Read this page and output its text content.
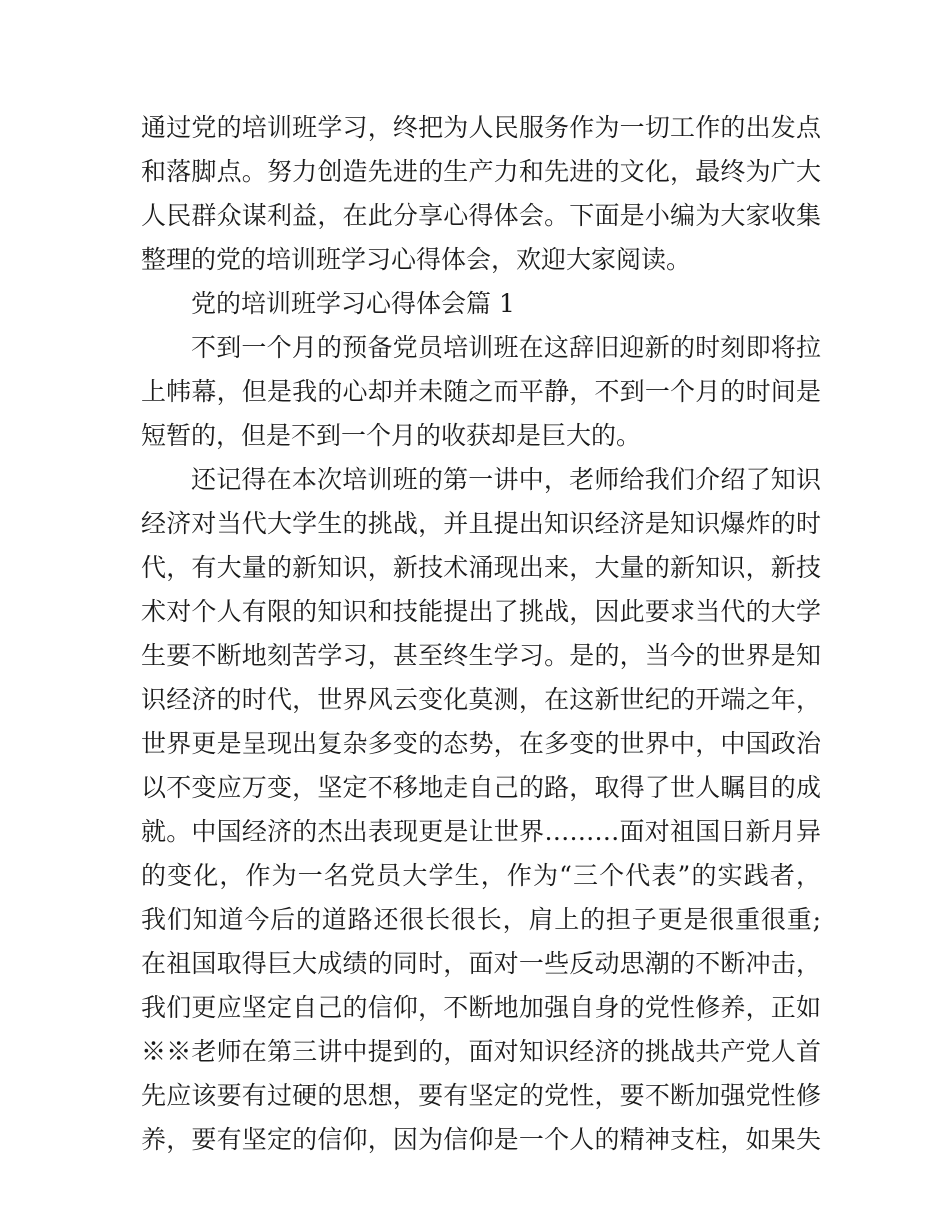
通过党的培训班学习，终把为人民服务作为一切工作的出发点
和落脚点。努力创造先进的生产力和先进的文化，最终为广大
人民群众谋利益，在此分享心得体会。下面是小编为大家收集
整理的党的培训班学习心得体会，欢迎大家阅读。
党的培训班学习心得体会篇 1
不到一个月的预备党员培训班在这辞旧迎新的时刻即将拉
上帏幕，但是我的心却并未随之而平静，不到一个月的时间是
短暂的，但是不到一个月的收获却是巨大的。
还记得在本次培训班的第一讲中，老师给我们介绍了知识
经济对当代大学生的挑战，并且提出知识经济是知识爆炸的时
代，有大量的新知识，新技术涌现出来，大量的新知识，新技
术对个人有限的知识和技能提出了挑战，因此要求当代的大学
生要不断地刻苦学习，甚至终生学习。是的，当今的世界是知
识经济的时代，世界风云变化莫测，在这新世纪的开端之年，
世界更是呈现出复杂多变的态势，在多变的世界中，中国政治
以不变应万变，坚定不移地走自己的路，取得了世人瞩目的成
就。中国经济的杰出表现更是让世界………面对祖国日新月异
的变化，作为一名党员大学生，作为“三个代表”的实践者，
我们知道今后的道路还很长很长，肩上的担子更是很重很重;
在祖国取得巨大成绩的同时，面对一些反动思潮的不断冲击，
我们更应坚定自己的信仰，不断地加强自身的党性修养，正如
※※老师在第三讲中提到的，面对知识经济的挑战共产党人首
先应该要有过硬的思想，要有坚定的党性，要不断加强党性修
养，要有坚定的信仰，因为信仰是一个人的精神支柱，如果失
